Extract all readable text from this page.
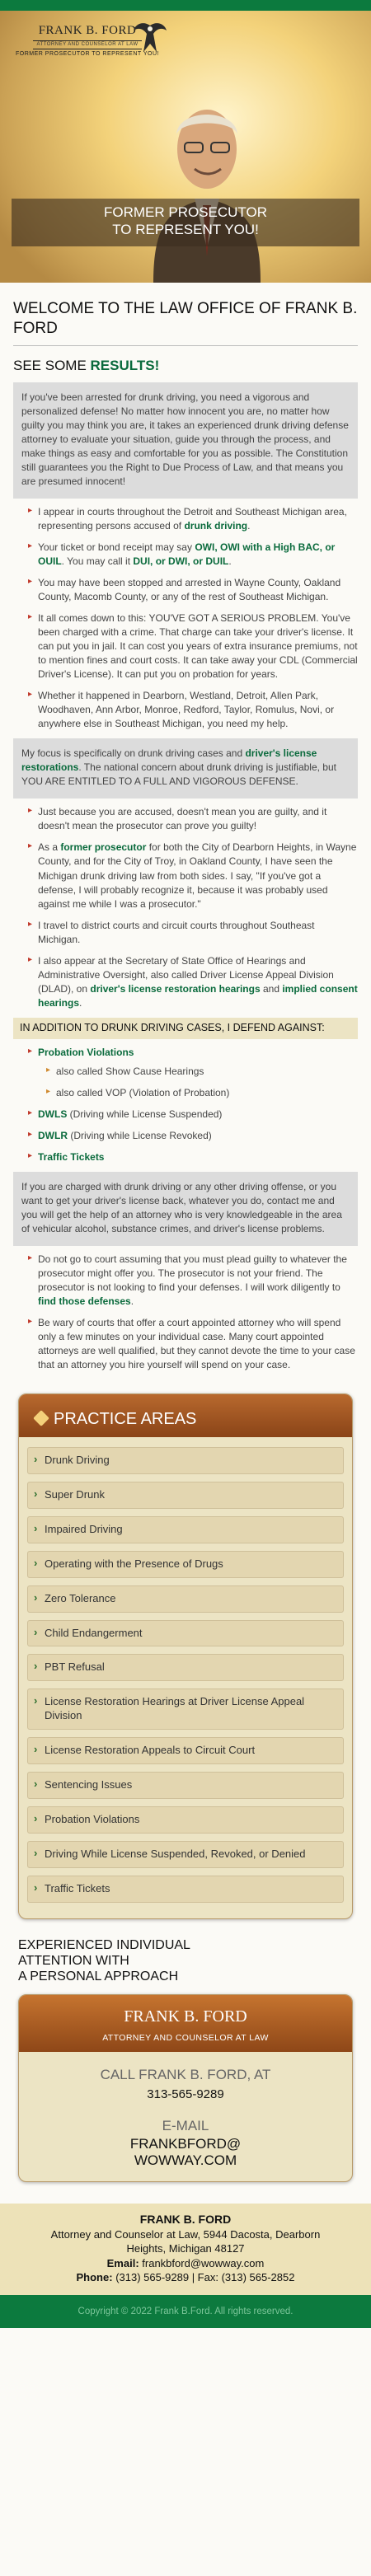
FRANK B. FORD
ATTORNEY AND COUNSELOR AT LAW
FORMER PROSECUTOR TO REPRESENT YOU!
FORMER PROSECUTOR
TO REPRESENT YOU!
WELCOME TO THE LAW OFFICE OF FRANK B. FORD
SEE SOME RESULTS!
If you've been arrested for drunk driving, you need a vigorous and personalized defense! No matter how innocent you are, no matter how guilty you may think you are, it takes an experienced drunk driving defense attorney to evaluate your situation, guide you through the process, and make things as easy and comfortable for you as possible. The Constitution still guarantees you the Right to Due Process of Law, and that means you are presumed innocent!
▸ I appear in courts throughout the Detroit and Southeast Michigan area, representing persons accused of drunk driving.
▸ Your ticket or bond receipt may say OWI, OWI with a High BAC, or OUIL. You may call it DUI, or DWI, or DUIL.
▸ You may have been stopped and arrested in Wayne County, Oakland County, Macomb County, or any of the rest of Southeast Michigan.
▸ It all comes down to this: YOU'VE GOT A SERIOUS PROBLEM. You've been charged with a crime. That charge can take your driver's license. It can put you in jail. It can cost you years of extra insurance premiums, not to mention fines and court costs. It can take away your CDL (Commercial Driver's License). It can put you on probation for years.
▸ Whether it happened in Dearborn, Westland, Detroit, Allen Park, Woodhaven, Ann Arbor, Monroe, Redford, Taylor, Romulus, Novi, or anywhere else in Southeast Michigan, you need my help.
My focus is specifically on drunk driving cases and driver's license restorations. The national concern about drunk driving is justifiable, but YOU ARE ENTITLED TO A FULL AND VIGOROUS DEFENSE.
▸ Just because you are accused, doesn't mean you are guilty, and it doesn't mean the prosecutor can prove you guilty!
▸ As a former prosecutor for both the City of Dearborn Heights, in Wayne County, and for the City of Troy, in Oakland County, I have seen the Michigan drunk driving law from both sides. I say, "If you've got a defense, I will probably recognize it, because it was probably used against me while I was a prosecutor."
▸ I travel to district courts and circuit courts throughout Southeast Michigan.
▸ I also appear at the Secretary of State Office of Hearings and Administrative Oversight, also called Driver License Appeal Division (DLAD), on driver's license restoration hearings and implied consent hearings.
IN ADDITION TO DRUNK DRIVING CASES, I DEFEND AGAINST:
▸ Probation Violations
▸ also called Show Cause Hearings
▸ also called VOP (Violation of Probation)
▸ DWLS (Driving while License Suspended)
▸ DWLR (Driving while License Revoked)
▸ Traffic Tickets
If you are charged with drunk driving or any other driving offense, or you want to get your driver's license back, whatever you do, contact me and you will get the help of an attorney who is very knowledgeable in the area of vehicular alcohol, substance crimes, and driver's license problems.
▸ Do not go to court assuming that you must plead guilty to whatever the prosecutor might offer you. The prosecutor is not your friend. The prosecutor is not looking to find your defenses. I will work diligently to find those defenses.
▸ Be wary of courts that offer a court appointed attorney who will spend only a few minutes on your individual case. Many court appointed attorneys are well qualified, but they cannot devote the time to your case that an attorney you hire yourself will spend on your case.
PRACTICE AREAS
› Drunk Driving
› Super Drunk
› Impaired Driving
› Operating with the Presence of Drugs
› Zero Tolerance
› Child Endangerment
› PBT Refusal
› License Restoration Hearings at Driver License Appeal Division
› License Restoration Appeals to Circuit Court
› Sentencing Issues
› Probation Violations
› Driving While License Suspended, Revoked, or Denied
› Traffic Tickets
EXPERIENCED INDIVIDUAL
ATTENTION WITH
A PERSONAL APPROACH
FRANK B. FORD
ATTORNEY AND COUNSELOR AT LAW
CALL FRANK B. FORD, AT
313-565-9289
E-MAIL
FRANKBFORD@
WOWWAY.COM
FRANK B. FORD
Attorney and Counselor at Law, 5944 Dacosta, Dearborn
Heights, Michigan 48127
Email: frankbford@wowway.com
Phone: (313) 565-9289 | Fax: (313) 565-2852
Copyright © 2022 Frank B.Ford. All rights reserved.
